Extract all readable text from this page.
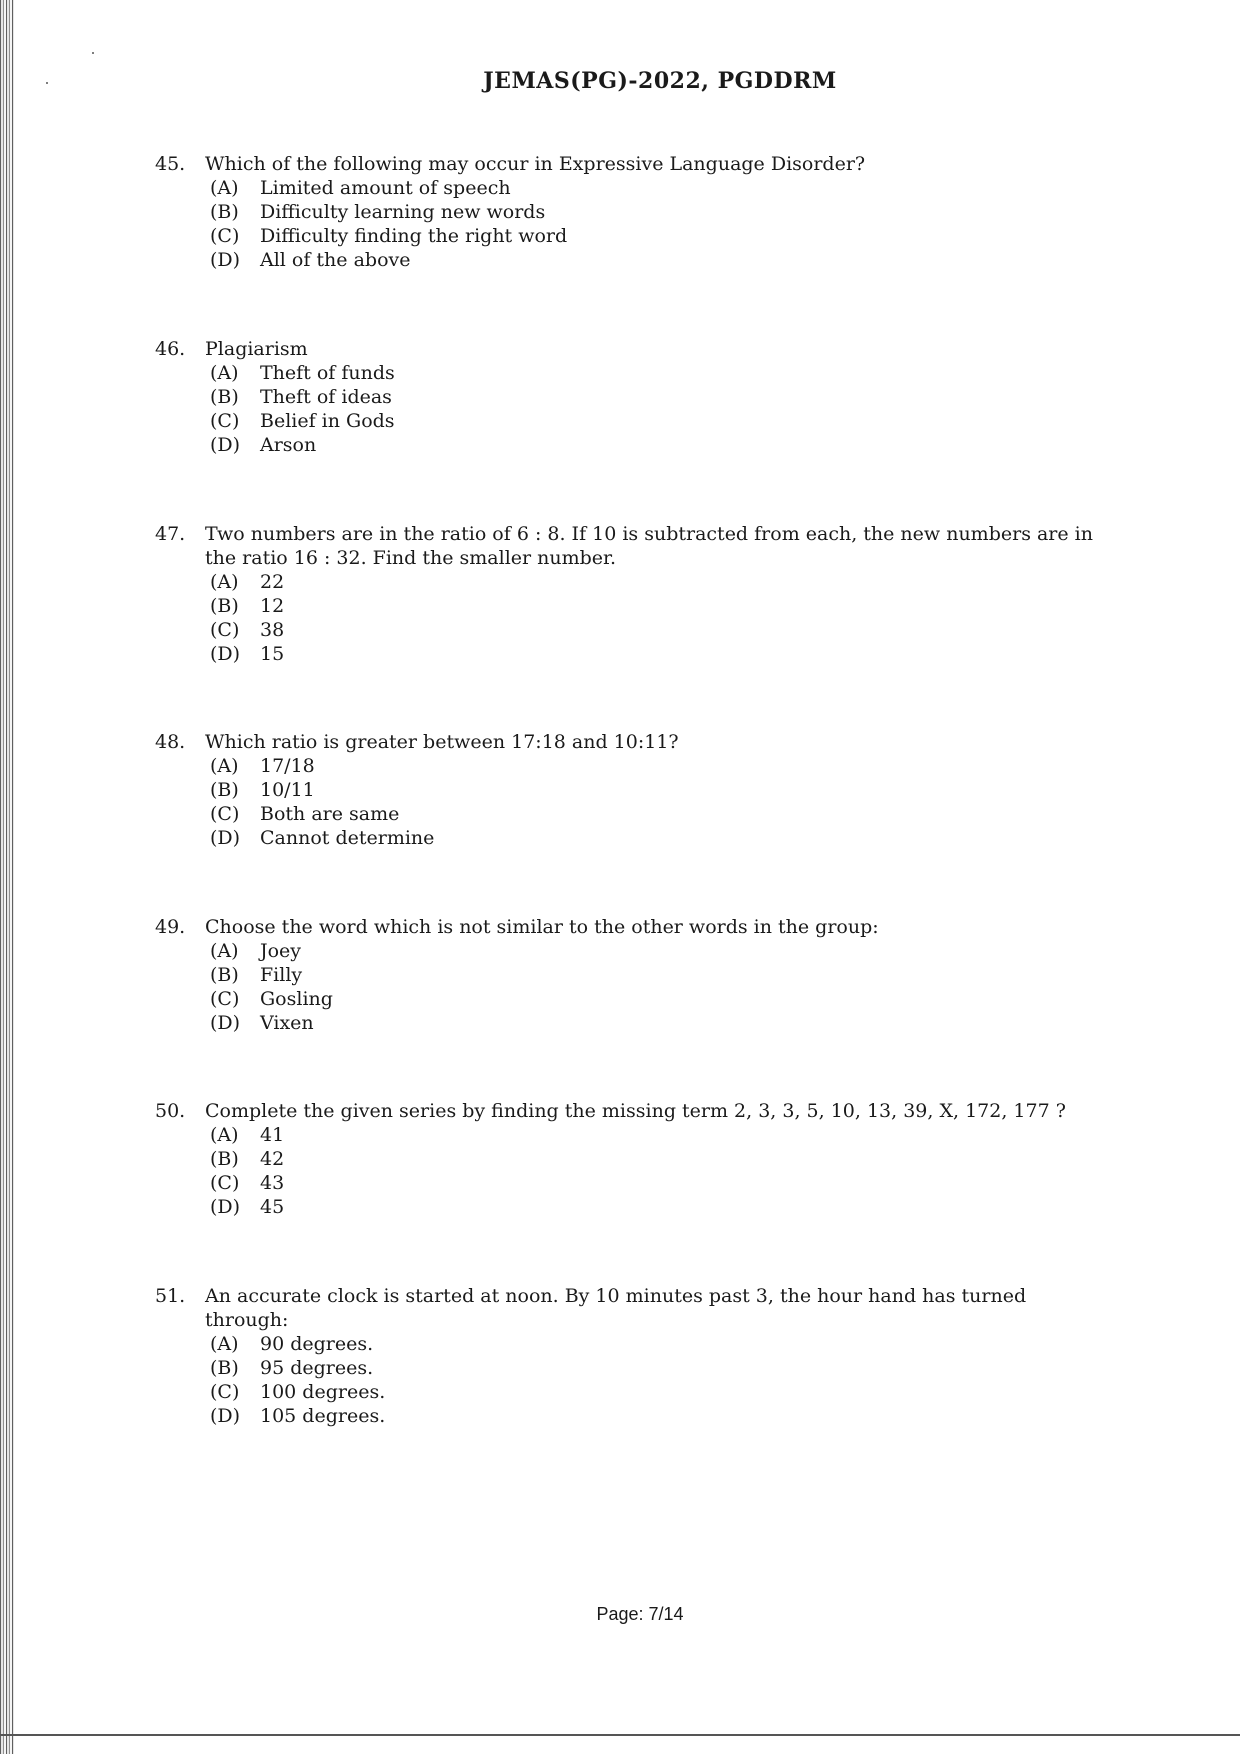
JEMAS(PG)-2022, PGDDRM
45.	Which of the following may occur in Expressive Language Disorder?
(A)	Limited amount of speech
(B)	Difficulty learning new words
(C)	Difficulty finding the right word
(D)	All of the above
46.	Plagiarism
(A)	Theft of funds
(B)	Theft of ideas
(C)	Belief in Gods
(D)	Arson
47.	Two numbers are in the ratio of 6 : 8. If 10 is subtracted from each, the new numbers are in the ratio 16 : 32. Find the smaller number.
(A)	22
(B)	12
(C)	38
(D)	15
48.	Which ratio is greater between 17:18 and 10:11?
(A)	17/18
(B)	10/11
(C)	Both are same
(D)	Cannot determine
49.	Choose the word which is not similar to the other words in the group:
(A)	Joey
(B)	Filly
(C)	Gosling
(D)	Vixen
50.	Complete the given series by finding the missing term 2, 3, 3, 5, 10, 13, 39, X, 172, 177 ?
(A)	41
(B)	42
(C)	43
(D)	45
51.	An accurate clock is started at noon. By 10 minutes past 3, the hour hand has turned through:
(A)	90 degrees.
(B)	95 degrees.
(C)	100 degrees.
(D)	105 degrees.
Page: 7/14
